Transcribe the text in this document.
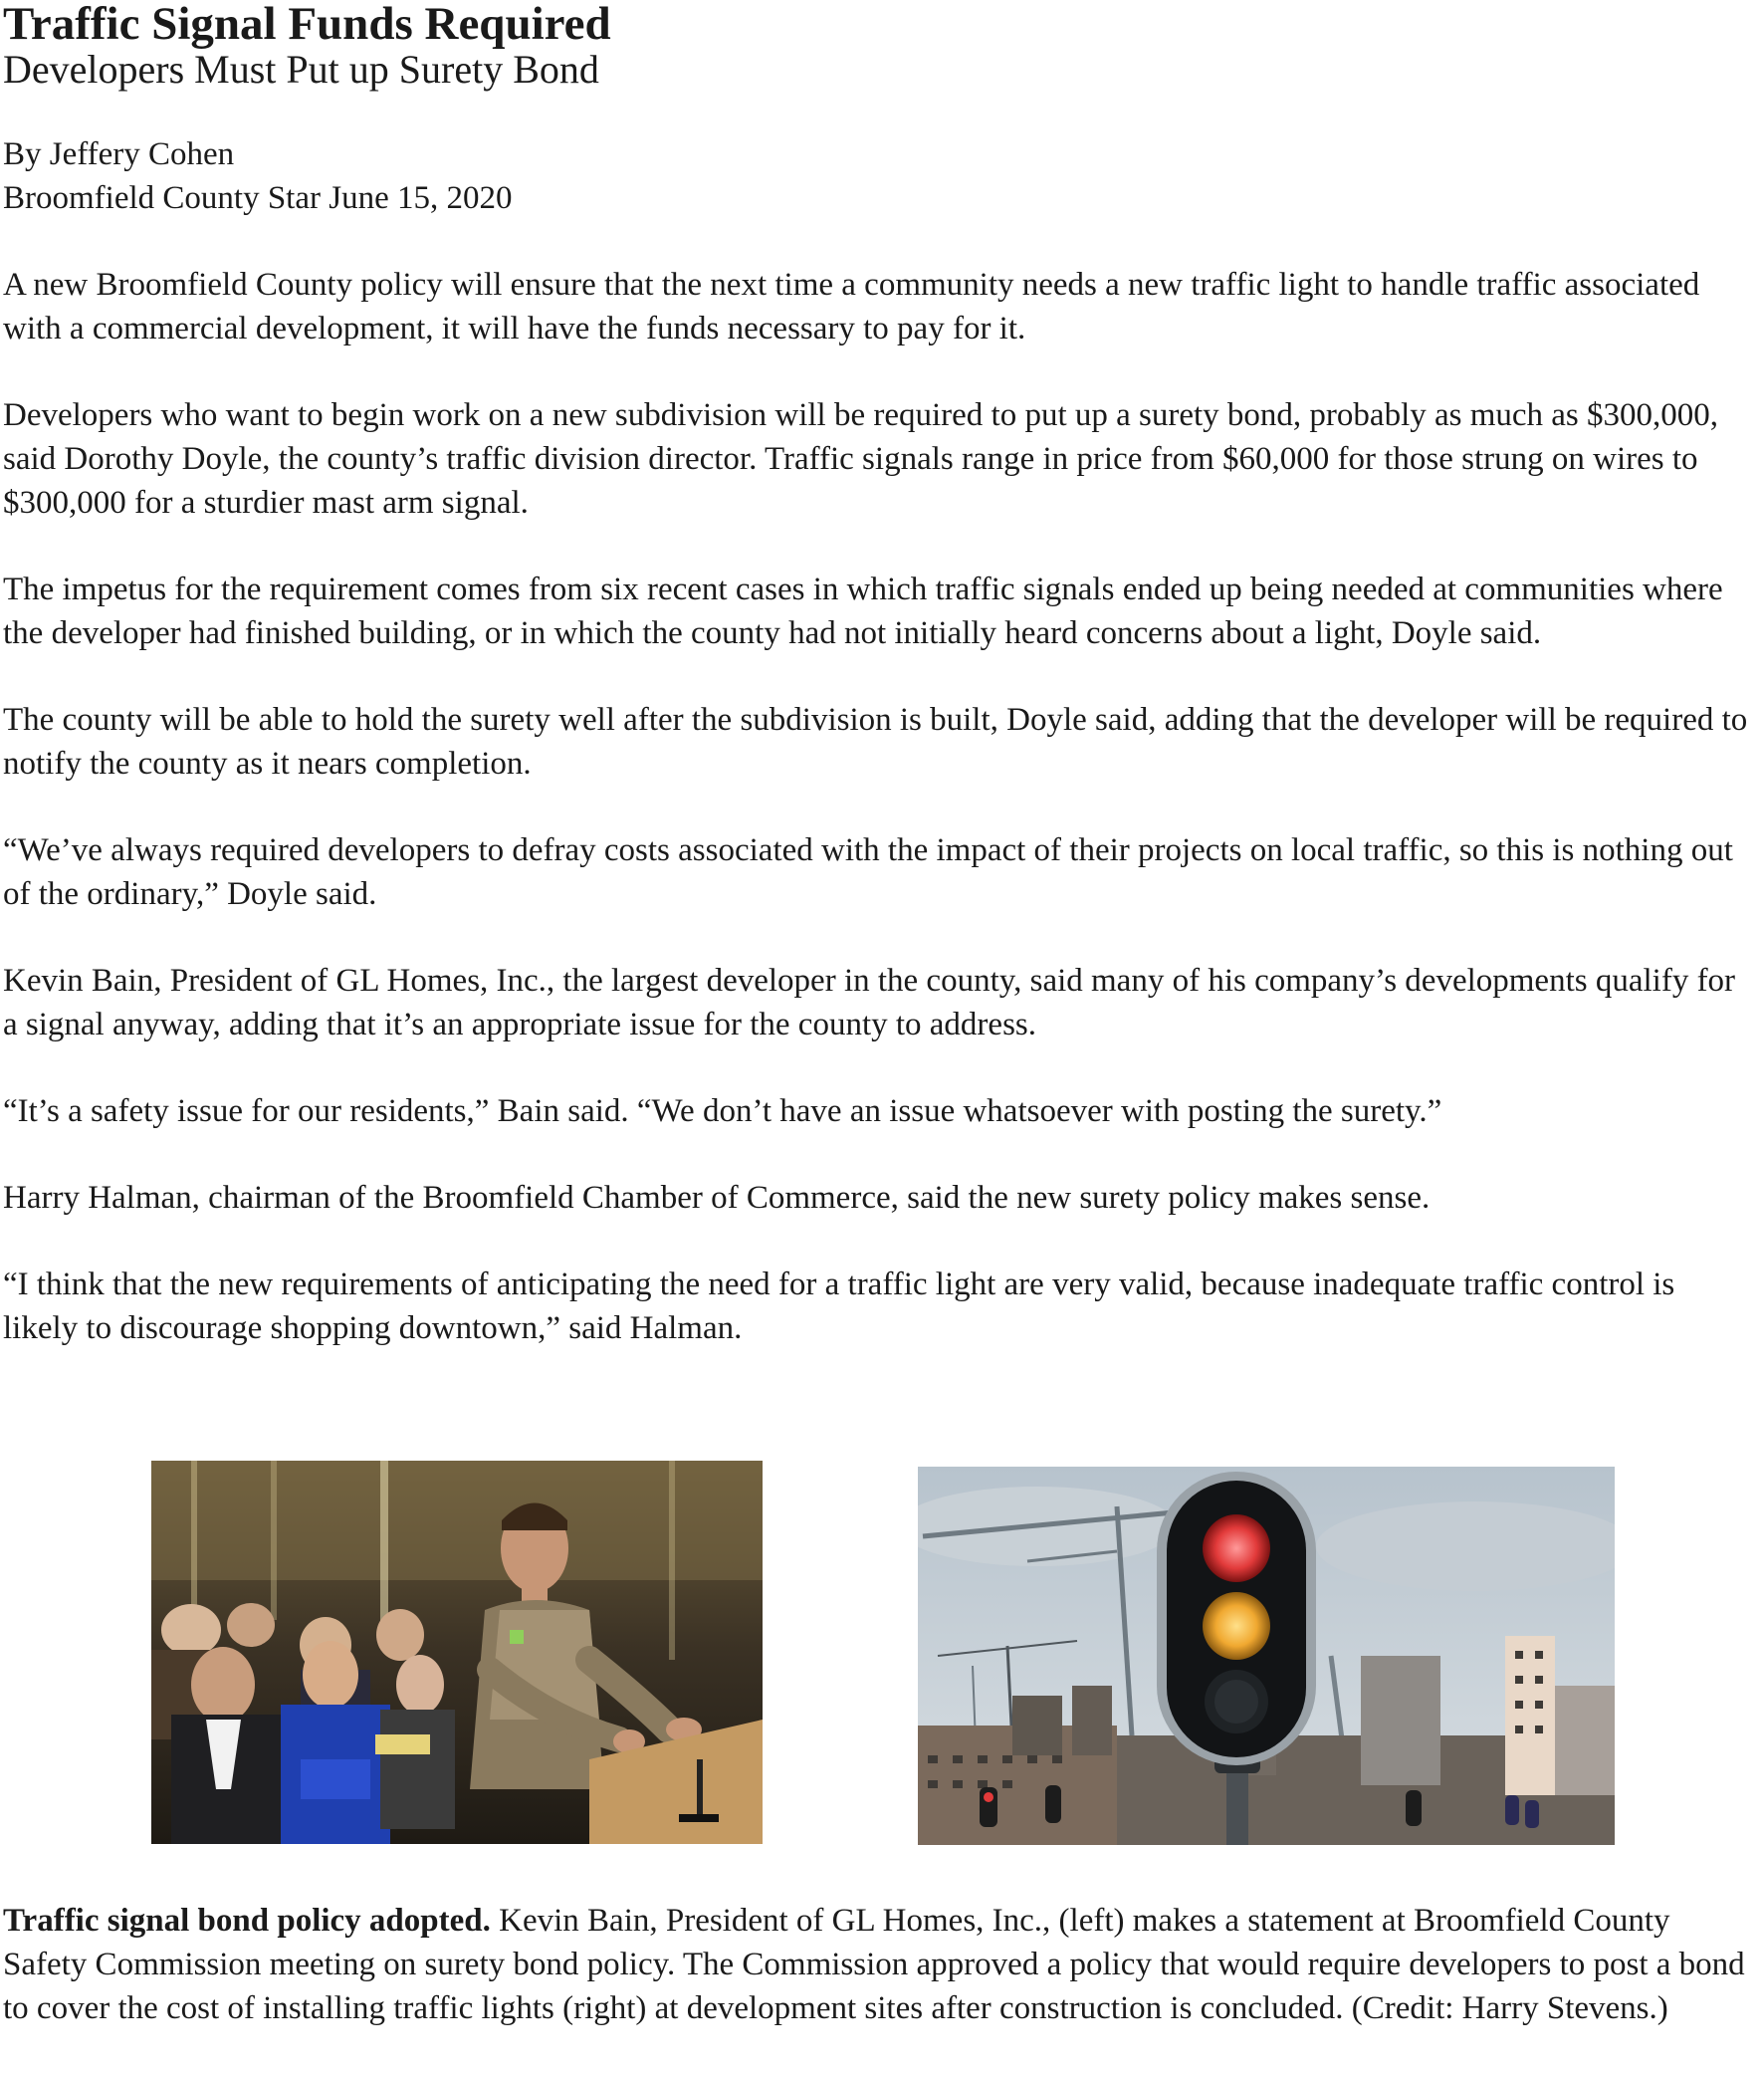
Traffic Signal Funds Required
Developers Must Put up Surety Bond
By Jeffery Cohen
Broomfield County Star June 15, 2020

A new Broomfield County policy will ensure that the next time a community needs a new traffic light to handle traffic associated with a commercial development, it will have the funds necessary to pay for it.

Developers who want to begin work on a new subdivision will be required to put up a surety bond, probably as much as $300,000, said Dorothy Doyle, the county’s traffic division director. Traffic signals range in price from $60,000 for those strung on wires to $300,000 for a sturdier mast arm signal.

The impetus for the requirement comes from six recent cases in which traffic signals ended up being needed at communities where the developer had finished building, or in which the county had not initially heard concerns about a light, Doyle said.

The county will be able to hold the surety well after the subdivision is built, Doyle said, adding that the developer will be required to notify the county as it nears completion.

“We’ve always required developers to defray costs associated with the impact of their projects on local traffic, so this is nothing out of the ordinary,” Doyle said.

Kevin Bain, President of GL Homes, Inc., the largest developer in the county, said many of his company’s developments qualify for a signal anyway, adding that it’s an appropriate issue for the county to address.

“It’s a safety issue for our residents,” Bain said. “We don’t have an issue whatsoever with posting the surety.”

Harry Halman, chairman of the Broomfield Chamber of Commerce, said the new surety policy makes sense.

“I think that the new requirements of anticipating the need for a traffic light are very valid, because inadequate traffic control is likely to discourage shopping downtown,” said Halman.

Traffic signal bond policy adopted. Kevin Bain, President of GL Homes, Inc., (left) makes a statement at Broomfield County Safety Commission meeting on surety bond policy. The Commission approved a policy that would require developers to post a bond to cover the cost of installing traffic lights (right) at development sites after construction is concluded. (Credit: Harry Stevens.)
